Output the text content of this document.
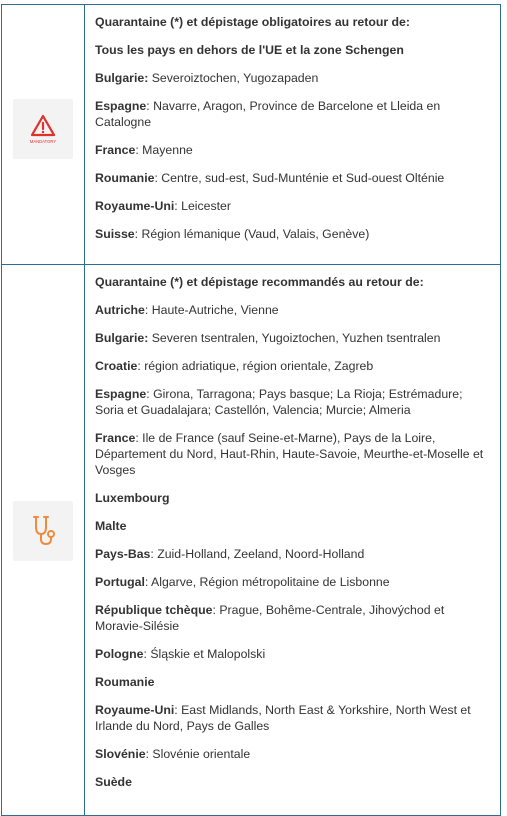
MANDATORY

Quarantaine (*) et dépistage obligatoires au retour de:

Tous les pays en dehors de l'UE et la zone Schengen

Bulgarie: Severoiztochen, Yugozapaden

Espagne: Navarre, Aragon, Province de Barcelone et Lleida en Catalogne

France: Mayenne

Roumanie: Centre, sud-est, Sud-Munténie et Sud-ouest Olténie

Royaume-Uni: Leicester

Suisse: Région lémanique (Vaud, Valais, Genève)

Quarantaine (*) et dépistage recommandés au retour de:

Autriche: Haute-Autriche, Vienne

Bulgarie: Severen tsentralen, Yugoiztochen, Yuzhen tsentralen

Croatie: région adriatique, région orientale, Zagreb

Espagne: Girona, Tarragona; Pays basque; La Rioja; Estrémadure; Soria et Guadalajara; Castellón, Valencia; Murcie; Almeria

France: Ile de France (sauf Seine-et-Marne), Pays de la Loire, Département du Nord, Haut-Rhin, Haute-Savoie, Meurthe-et-Moselle et Vosges

Luxembourg

Malte

Pays-Bas: Zuid-Holland, Zeeland, Noord-Holland

Portugal: Algarve, Région métropolitaine de Lisbonne

République tchèque: Prague, Bohême-Centrale, Jihovýchod et Moravie-Silésie

Pologne: Śląskie et Malopolski

Roumanie

Royaume-Uni: East Midlands, North East & Yorkshire, North West et Irlande du Nord, Pays de Galles

Slovénie: Slovénie orientale

Suède
